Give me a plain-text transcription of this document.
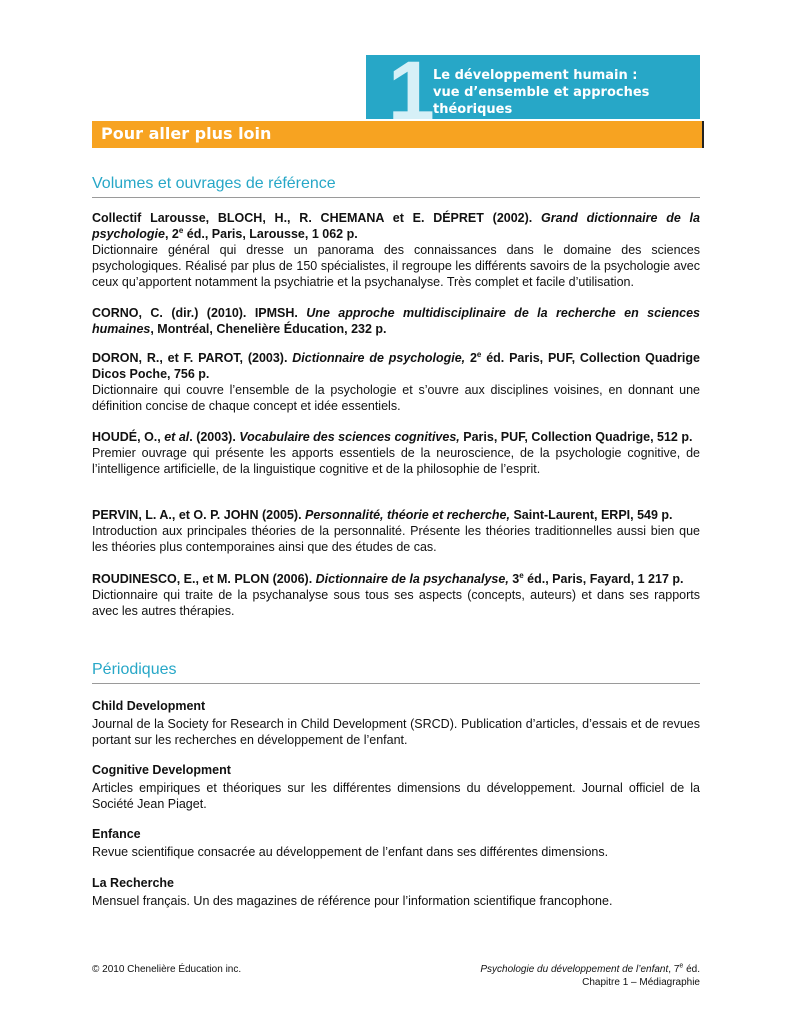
1
Le développement humain :
vue d’ensemble et approches théoriques
Pour aller plus loin
Volumes et ouvrages de référence
Collectif Larousse, BLOCH, H., R. CHEMANA et E. DÉPRET (2002). Grand dictionnaire de la psychologie, 2e éd., Paris, Larousse, 1 062 p.
Dictionnaire général qui dresse un panorama des connaissances dans le domaine des sciences psychologiques. Réalisé par plus de 150 spécialistes, il regroupe les différents savoirs de la psychologie avec ceux qu’apportent notamment la psychiatrie et la psychanalyse. Très complet et facile d’utilisation.
CORNO, C. (dir.) (2010). IPMSH. Une approche multidisciplinaire de la recherche en sciences humaines, Montréal, Chenelière Éducation, 232 p.
DORON, R., et F. PAROT, (2003). Dictionnaire de psychologie, 2e éd. Paris, PUF, Collection Quadrige Dicos Poche, 756 p.
Dictionnaire qui couvre l’ensemble de la psychologie et s’ouvre aux disciplines voisines, en donnant une définition concise de chaque concept et idée essentiels.
HOUDÉ, O., et al. (2003). Vocabulaire des sciences cognitives, Paris, PUF, Collection Quadrige, 512 p.
Premier ouvrage qui présente les apports essentiels de la neuroscience, de la psychologie cognitive, de l’intelligence artificielle, de la linguistique cognitive et de la philosophie de l’esprit.
PERVIN, L. A., et O. P. JOHN (2005). Personnalité, théorie et recherche, Saint-Laurent, ERPI, 549 p.
Introduction aux principales théories de la personnalité. Présente les théories traditionnelles aussi bien que les théories plus contemporaines ainsi que des études de cas.
ROUDINESCO, E., et M. PLON (2006). Dictionnaire de la psychanalyse, 3e éd., Paris, Fayard, 1 217 p.
Dictionnaire qui traite de la psychanalyse sous tous ses aspects (concepts, auteurs) et dans ses rapports avec les autres thérapies.
Périodiques
Child Development
Journal de la Society for Research in Child Development (SRCD). Publication d’articles, d’essais et de revues portant sur les recherches en développement de l’enfant.
Cognitive Development
Articles empiriques et théoriques sur les différentes dimensions du développement. Journal officiel de la Société Jean Piaget.
Enfance
Revue scientifique consacrée au développement de l’enfant dans ses différentes dimensions.
La Recherche
Mensuel français. Un des magazines de référence pour l’information scientifique francophone.
© 2010 Chenelière Éducation inc.	Psychologie du développement de l’enfant, 7e éd.
Chapitre 1 – Médiagraphie
